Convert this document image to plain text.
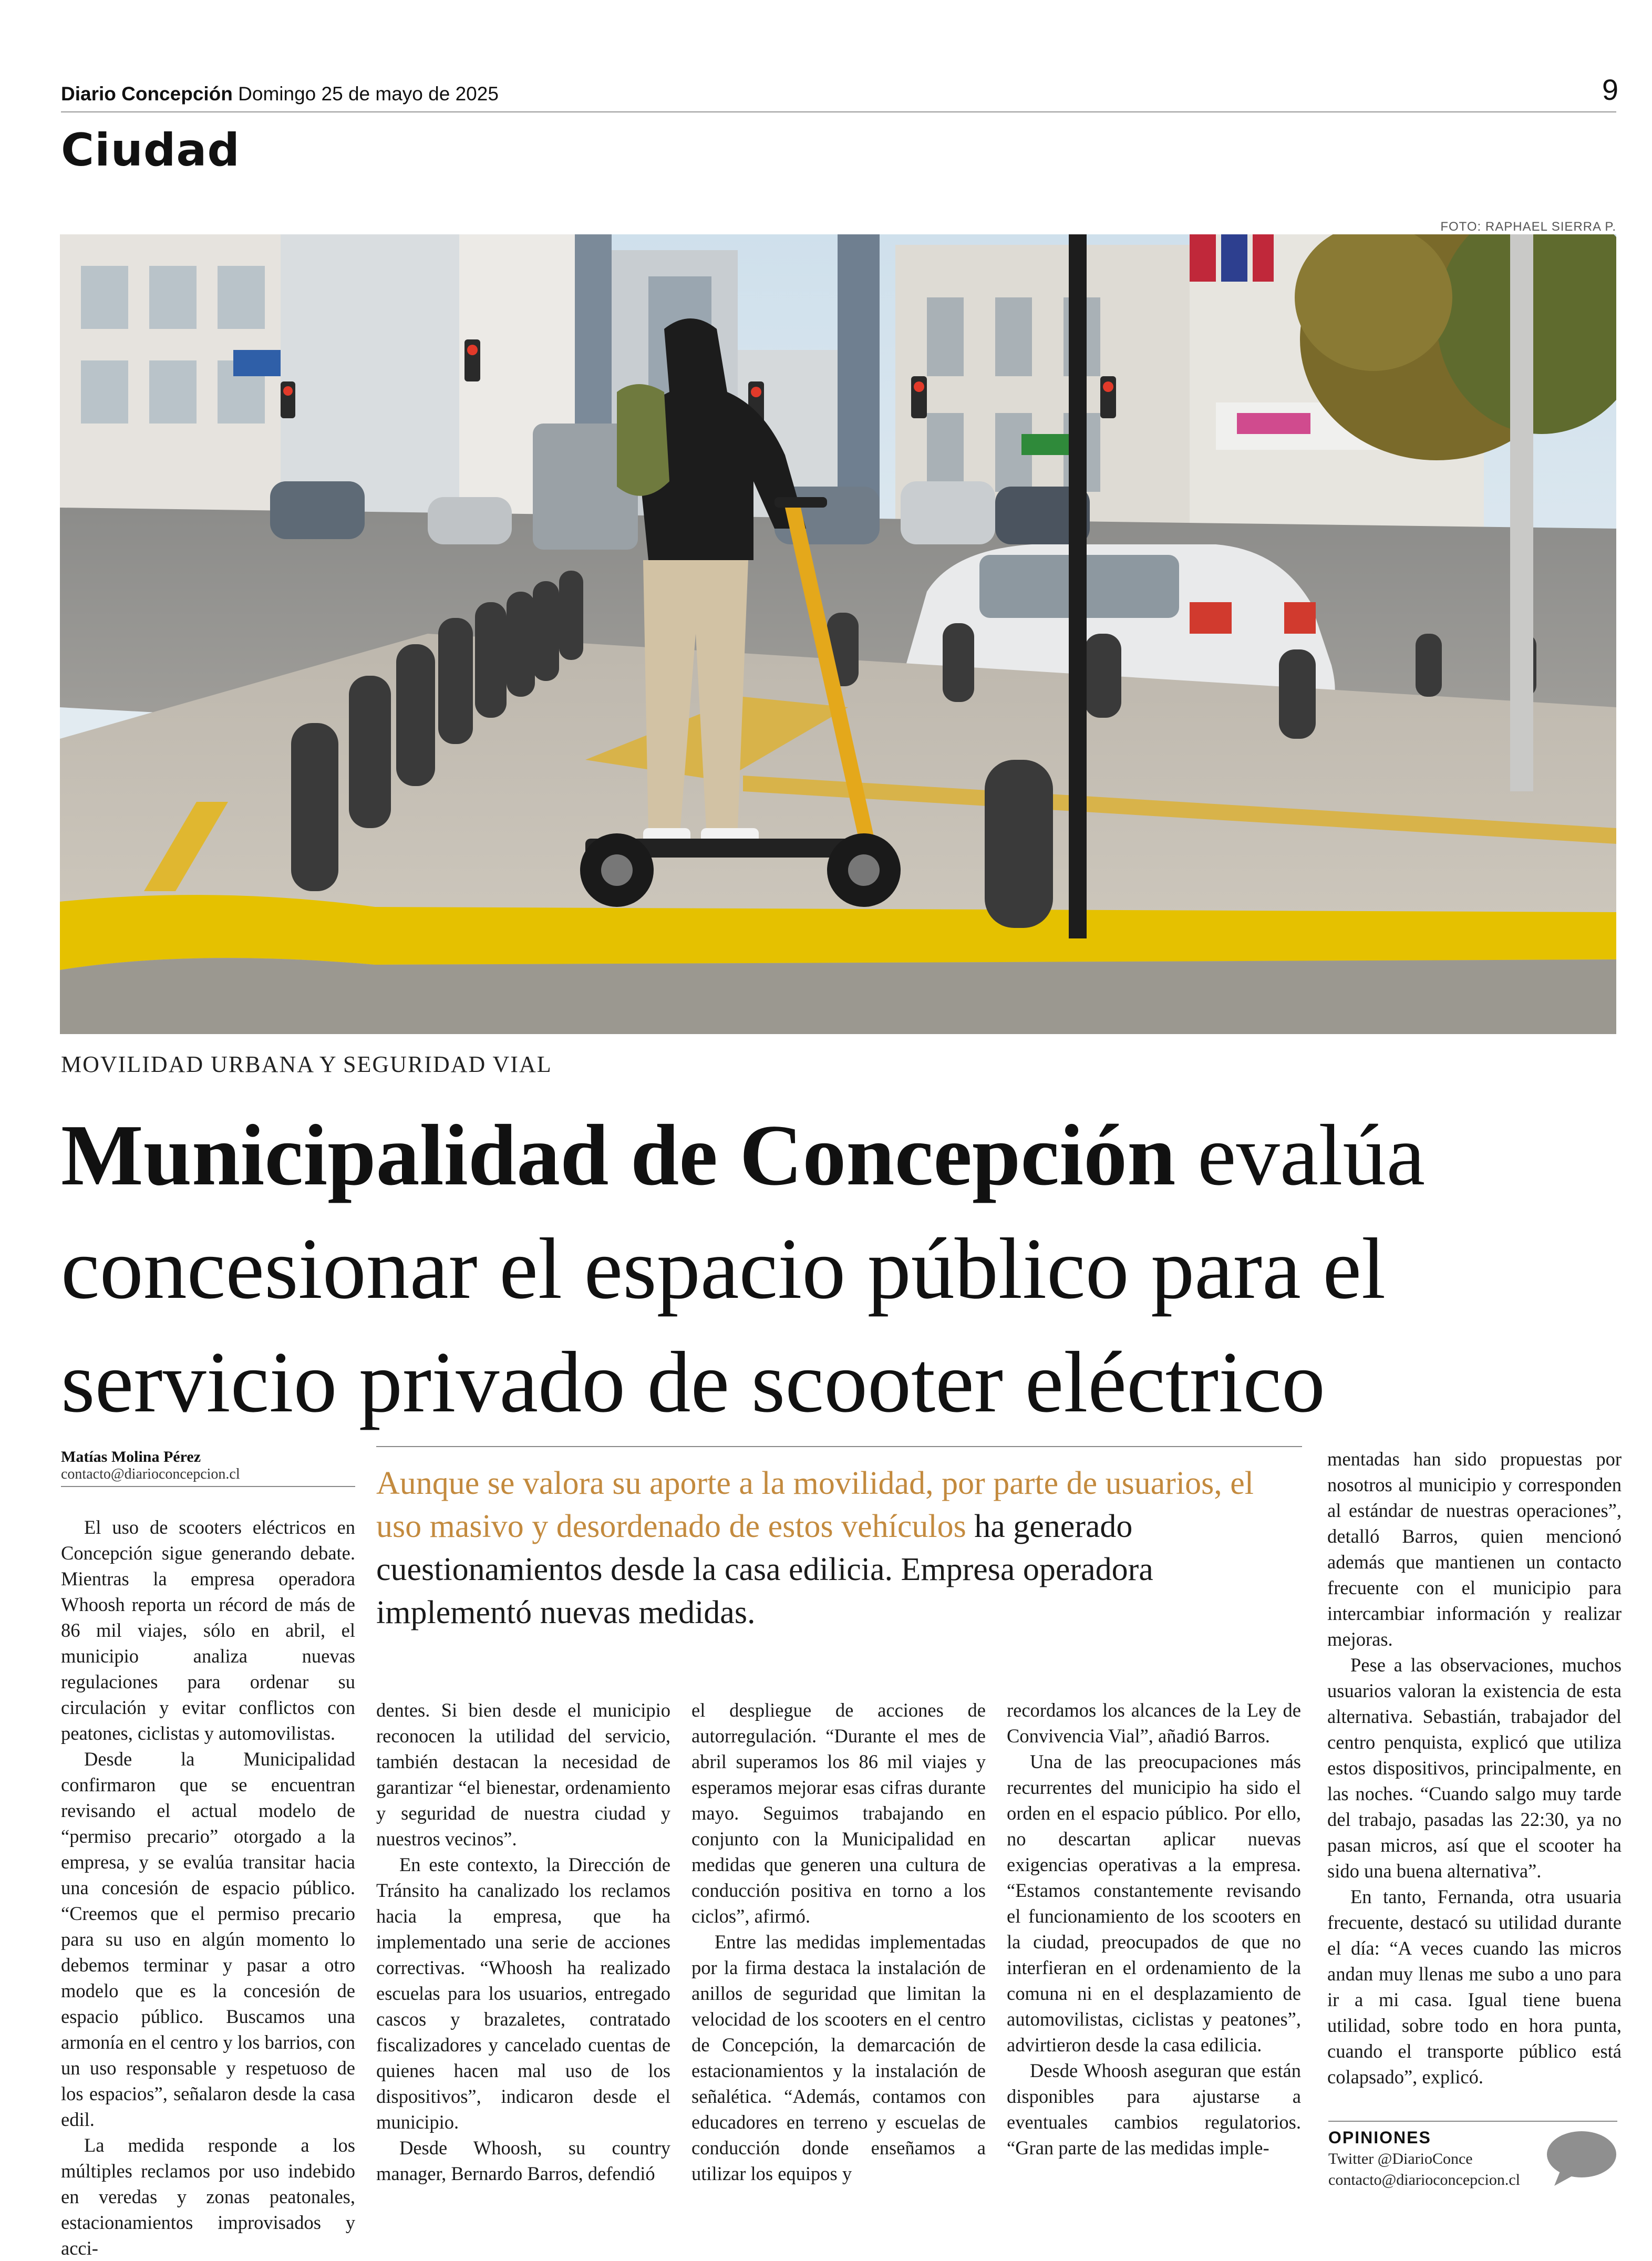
Diario Concepción Domingo 25 de mayo de 2025	9
Ciudad
FOTO: RAPHAEL SIERRA P.
MOVILIDAD URBANA Y SEGURIDAD VIAL
Municipalidad de Concepción evalúa concesionar el espacio público para el servicio privado de scooter eléctrico
Matías Molina Pérez
contacto@diarioconcepcion.cl	Aunque se valora su aporte a la movilidad, por parte de usuarios, el uso masivo y desordenado de estos vehículos ha generado cuestionamientos desde la casa edilicia. Empresa operadora implementó nuevas medidas.

El uso de scooters eléctricos en Concepción sigue generando debate. Mientras la empresa operadora Whoosh reporta un récord de más de 86 mil viajes, sólo en abril, el municipio analiza nuevas regulaciones para ordenar su circulación y evitar conflictos con peatones, ciclistas y automovilistas.

Desde la Municipalidad confirmaron que se encuentran revisando el actual modelo de “permiso precario” otorgado a la empresa, y se evalúa transitar hacia una concesión de espacio público. “Creemos que el permiso precario para su uso en algún momento lo debemos terminar y pasar a otro modelo que es la concesión de espacio público. Buscamos una armonía en el centro y los barrios, con un uso responsable y respetuoso de los espacios”, señalaron desde la casa edil.

La medida responde a los múltiples reclamos por uso indebido en veredas y zonas peatonales, estacionamientos improvisados y acci-

dentes. Si bien desde el municipio reconocen la utilidad del servicio, también destacan la necesidad de garantizar “el bienestar, ordenamiento y seguridad de nuestra ciudad y nuestros vecinos”.

En este contexto, la Dirección de Tránsito ha canalizado los reclamos hacia la empresa, que ha implementado una serie de acciones correctivas. “Whoosh ha realizado escuelas para los usuarios, entregado cascos y brazaletes, contratado fiscalizadores y cancelado cuentas de quienes hacen mal uso de los dispositivos”, indicaron desde el municipio.

Desde Whoosh, su country manager, Bernardo Barros, defendió

el despliegue de acciones de autorregulación. “Durante el mes de abril superamos los 86 mil viajes y esperamos mejorar esas cifras durante mayo. Seguimos trabajando en conjunto con la Municipalidad en medidas que generen una cultura de conducción positiva en torno a los ciclos”, afirmó.

Entre las medidas implementadas por la firma destaca la instalación de anillos de seguridad que limitan la velocidad de los scooters en el centro de Concepción, la demarcación de estacionamientos y la instalación de señalética. “Además, contamos con educadores en terreno y escuelas de conducción donde enseñamos a utilizar los equipos y

recordamos los alcances de la Ley de Convivencia Vial”, añadió Barros.

Una de las preocupaciones más recurrentes del municipio ha sido el orden en el espacio público. Por ello, no descartan aplicar nuevas exigencias operativas a la empresa. “Estamos constantemente revisando el funcionamiento de los scooters en la ciudad, preocupados de que no interfieran en el ordenamiento de la comuna ni en el desplazamiento de automovilistas, ciclistas y peatones”, advirtieron desde la casa edilicia.

Desde Whoosh aseguran que están disponibles para ajustarse a eventuales cambios regulatorios. “Gran parte de las medidas imple-

mentadas han sido propuestas por nosotros al municipio y corresponden al estándar de nuestras operaciones”, detalló Barros, quien mencionó además que mantienen un contacto frecuente con el municipio para intercambiar información y realizar mejoras.

Pese a las observaciones, muchos usuarios valoran la existencia de esta alternativa. Sebastián, trabajador del centro penquista, explicó que utiliza estos dispositivos, principalmente, en las noches. “Cuando salgo muy tarde del trabajo, pasadas las 22:30, ya no pasan micros, así que el scooter ha sido una buena alternativa”.

En tanto, Fernanda, otra usuaria frecuente, destacó su utilidad durante el día: “A veces cuando las micros andan muy llenas me subo a uno para ir a mi casa. Igual tiene buena utilidad, sobre todo en hora punta, cuando el transporte público está colapsado”, explicó.

OPINIONES
Twitter @DiarioConce
contacto@diarioconcepcion.cl
